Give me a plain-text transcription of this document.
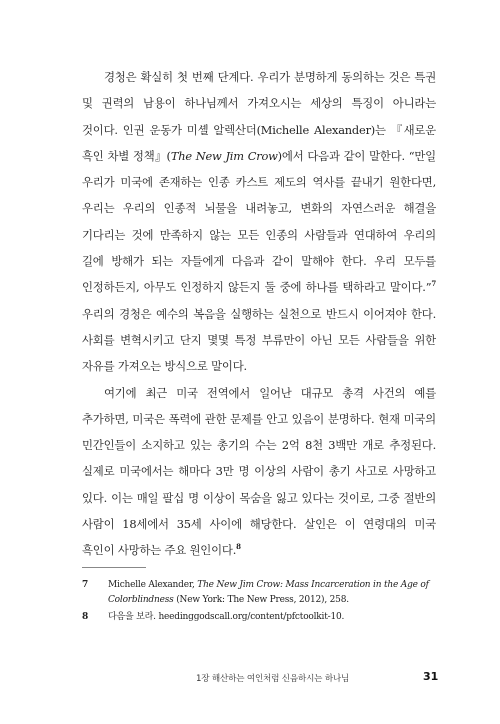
경청은 확실히 첫 번째 단계다. 우리가 분명하게 동의하는 것은 특권 및 권력의 남용이 하나님께서 가져오시는 세상의 특징이 아니라는 것이다. 인권 운동가 미셸 알렉산더(Michelle Alexander)는 『새로운 흑인 차별 정책』(The New Jim Crow)에서 다음과 같이 말한다. “만일 우리가 미국에 존재하는 인종 카스트 제도의 역사를 끝내기 원한다면, 우리는 우리의 인종적 뇌물을 내려놓고, 변화의 자연스러운 해결을 기다리는 것에 만족하지 않는 모든 인종의 사람들과 연대하여 우리의 길에 방해가 되는 자들에게 다음과 같이 말해야 한다. 우리 모두를 인정하든지, 아무도 인정하지 않든지 둘 중에 하나를 택하라고 말이다.”$^7$ 우리의 경청은 예수의 복음을 실행하는 실천으로 반드시 이어져야 한다. 사회를 변혁시키고 단지 몇몇 특정 부류만이 아닌 모든 사람들을 위한 자유를 가져오는 방식으로 말이다.

여기에 최근 미국 전역에서 일어난 대규모 총격 사건의 예를 추가하면, 미국은 폭력에 관한 문제를 안고 있음이 분명하다. 현재 미국의 민간인들이 소지하고 있는 총기의 수는 2억 8천 3백만 개로 추정된다. 실제로 미국에서는 해마다 3만 명 이상의 사람이 총기 사고로 사망하고 있다. 이는 매일 팔십 명 이상이 목숨을 잃고 있다는 것이로, 그중 절반의 사람이 18세에서 35세 사이에 해당한다. 살인은 이 연령대의 미국 흑인이 사망하는 주요 원인이다.$^8$

7	Michelle Alexander, The New Jim Crow: Mass Incarceration in the Age of Colorblindness (New York: The New Press, 2012), 258.
8	다음을 보라. heedinggodscall.org/content/pfctoolkit-10.
1장 해산하는 여인처럼 신음하시는 하나님	31
